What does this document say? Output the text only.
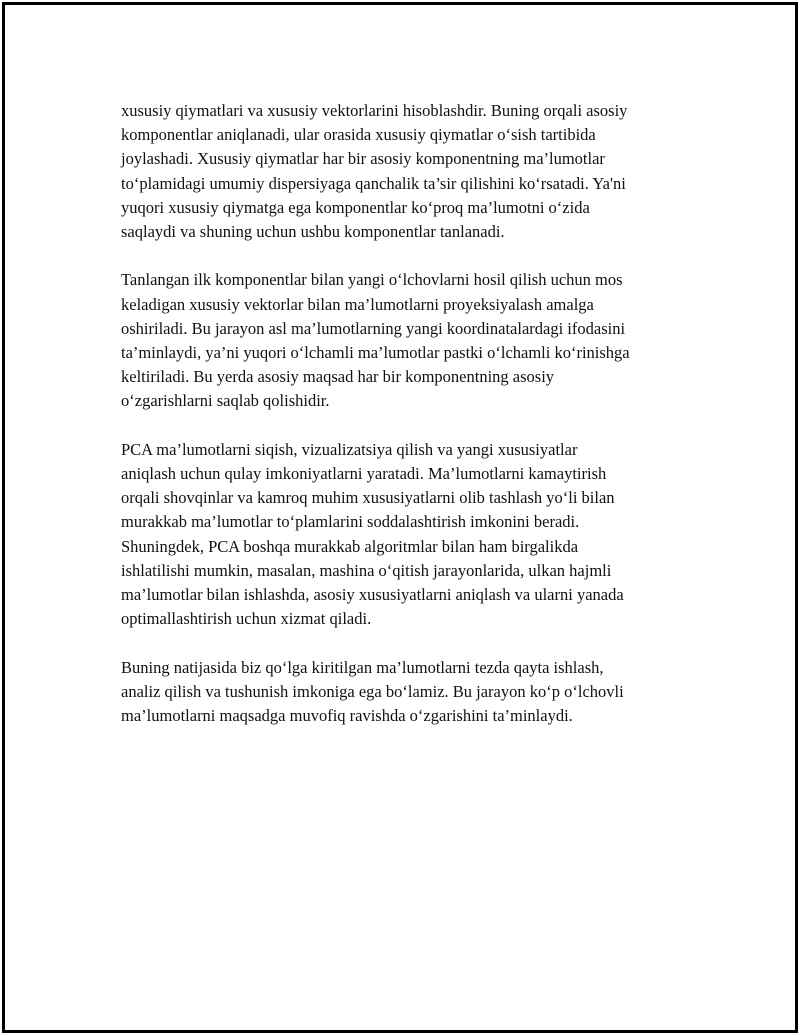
xususiy qiymatlari va xususiy vektorlarini hisoblashdir. Buning orqali asosiy
komponentlar aniqlanadi, ular orasida xususiy qiymatlar o‘sish tartibida
joylashadi. Xususiy qiymatlar har bir asosiy komponentning ma’lumotlar
to‘plamidagi umumiy dispersiyaga qanchalik ta’sir qilishini ko‘rsatadi. Ya'ni
yuqori xususiy qiymatga ega komponentlar ko‘proq ma’lumotni o‘zida
saqlaydi va shuning uchun ushbu komponentlar tanlanadi.

Tanlangan ilk komponentlar bilan yangi o‘lchovlarni hosil qilish uchun mos
keladigan xususiy vektorlar bilan ma’lumotlarni proyeksiyalash amalga
oshiriladi. Bu jarayon asl ma’lumotlarning yangi koordinatalardagi ifodasini
ta’minlaydi, ya’ni yuqori o‘lchamli ma’lumotlar pastki o‘lchamli ko‘rinishga
keltiriladi. Bu yerda asosiy maqsad har bir komponentning asosiy
o‘zgarishlarni saqlab qolishidir.

PCA ma’lumotlarni siqish, vizualizatsiya qilish va yangi xususiyatlar
aniqlash uchun qulay imkoniyatlarni yaratadi. Ma’lumotlarni kamaytirish
orqali shovqinlar va kamroq muhim xususiyatlarni olib tashlash yo‘li bilan
murakkab ma’lumotlar to‘plamlarini soddalashtirish imkonini beradi.
Shuningdek, PCA boshqa murakkab algoritmlar bilan ham birgalikda
ishlatilishi mumkin, masalan, mashina o‘qitish jarayonlarida, ulkan hajmli
ma’lumotlar bilan ishlashda, asosiy xususiyatlarni aniqlash va ularni yanada
optimallashtirish uchun xizmat qiladi.

Buning natijasida biz qo‘lga kiritilgan ma’lumotlarni tezda qayta ishlash,
analiz qilish va tushunish imkoniga ega bo‘lamiz. Bu jarayon ko‘p o‘lchovli
ma’lumotlarni maqsadga muvofiq ravishda o‘zgarishini ta’minlaydi.
